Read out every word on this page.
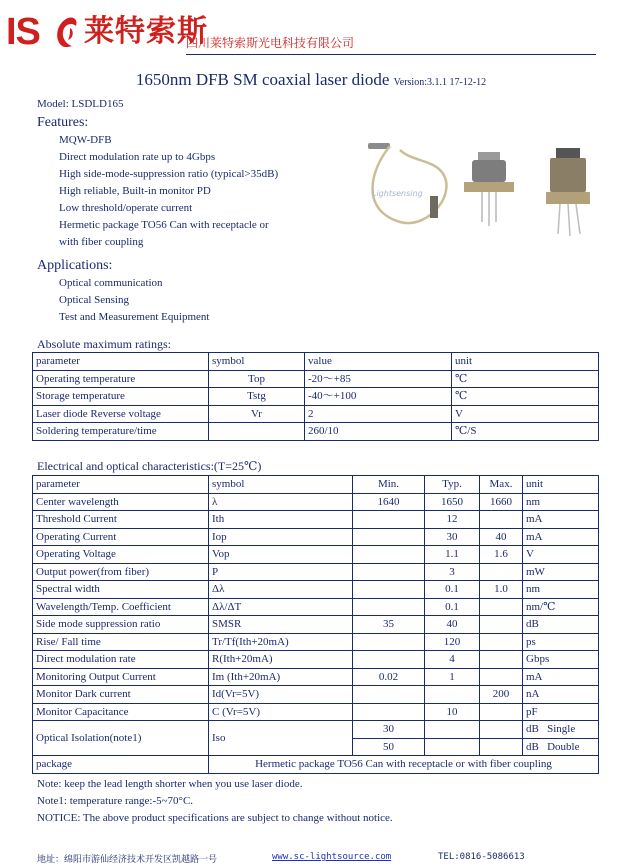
IS 莱特索斯
四川莱特索斯光电科技有限公司
1650nm DFB SM coaxial laser diode Version:3.1.1 17-12-12
Model: LSDLD165
Features:
MQW-DFB
Direct modulation rate up to 4Gbps
High side-mode-suppression ratio (typical>35dB)
High reliable, Built-in monitor PD
Low threshold/operate current
Hermetic package TO56 Can with receptacle or
with fiber coupling
Lightsensing
Applications:
Optical communication
Optical Sensing
Test and Measurement Equipment
Absolute maximum ratings:
parameter	symbol	value	unit
Operating temperature	Top	-20～+85	℃
Storage temperature	Tstg	-40～+100	℃
Laser diode Reverse voltage	Vr	2	V
Soldering temperature/time		260/10	℃/S
Electrical and optical characteristics:(T=25℃)
parameter	symbol	Min.	Typ.	Max.	unit
Center wavelength	λ	1640	1650	1660	nm
Threshold Current	Ith		12		mA
Operating Current	Iop		30	40	mA
Operating Voltage	Vop		1.1	1.6	V
Output power(from fiber)	P		3		mW
Spectral width	Δλ		0.1	1.0	nm
Wavelength/Temp. Coefficient	Δλ/ΔT		0.1		nm/℃
Side mode suppression ratio	SMSR	35	40		dB
Rise/ Fall time	Tr/Tf(Ith+20mA)		120		ps
Direct modulation rate	R(Ith+20mA)		4		Gbps
Monitoring Output Current	Im (Ith+20mA)	0.02	1		mA
Monitor Dark current	Id(Vr=5V)			200	nA
Monitor Capacitance	C (Vr=5V)		10		pF
Optical Isolation(note1)	Iso	30			dB   Single
		50			dB   Double
package	Hermetic package TO56 Can with receptacle or with fiber coupling				
Note: keep the lead length shorter when you use laser diode.
Note1: temperature range:-5~70°C.
NOTICE: The above product specifications are subject to change without notice.
地址：绵阳市游仙经济技术开发区凯越路一号	www.sc-lightsource.com	TEL:0816-5086613
